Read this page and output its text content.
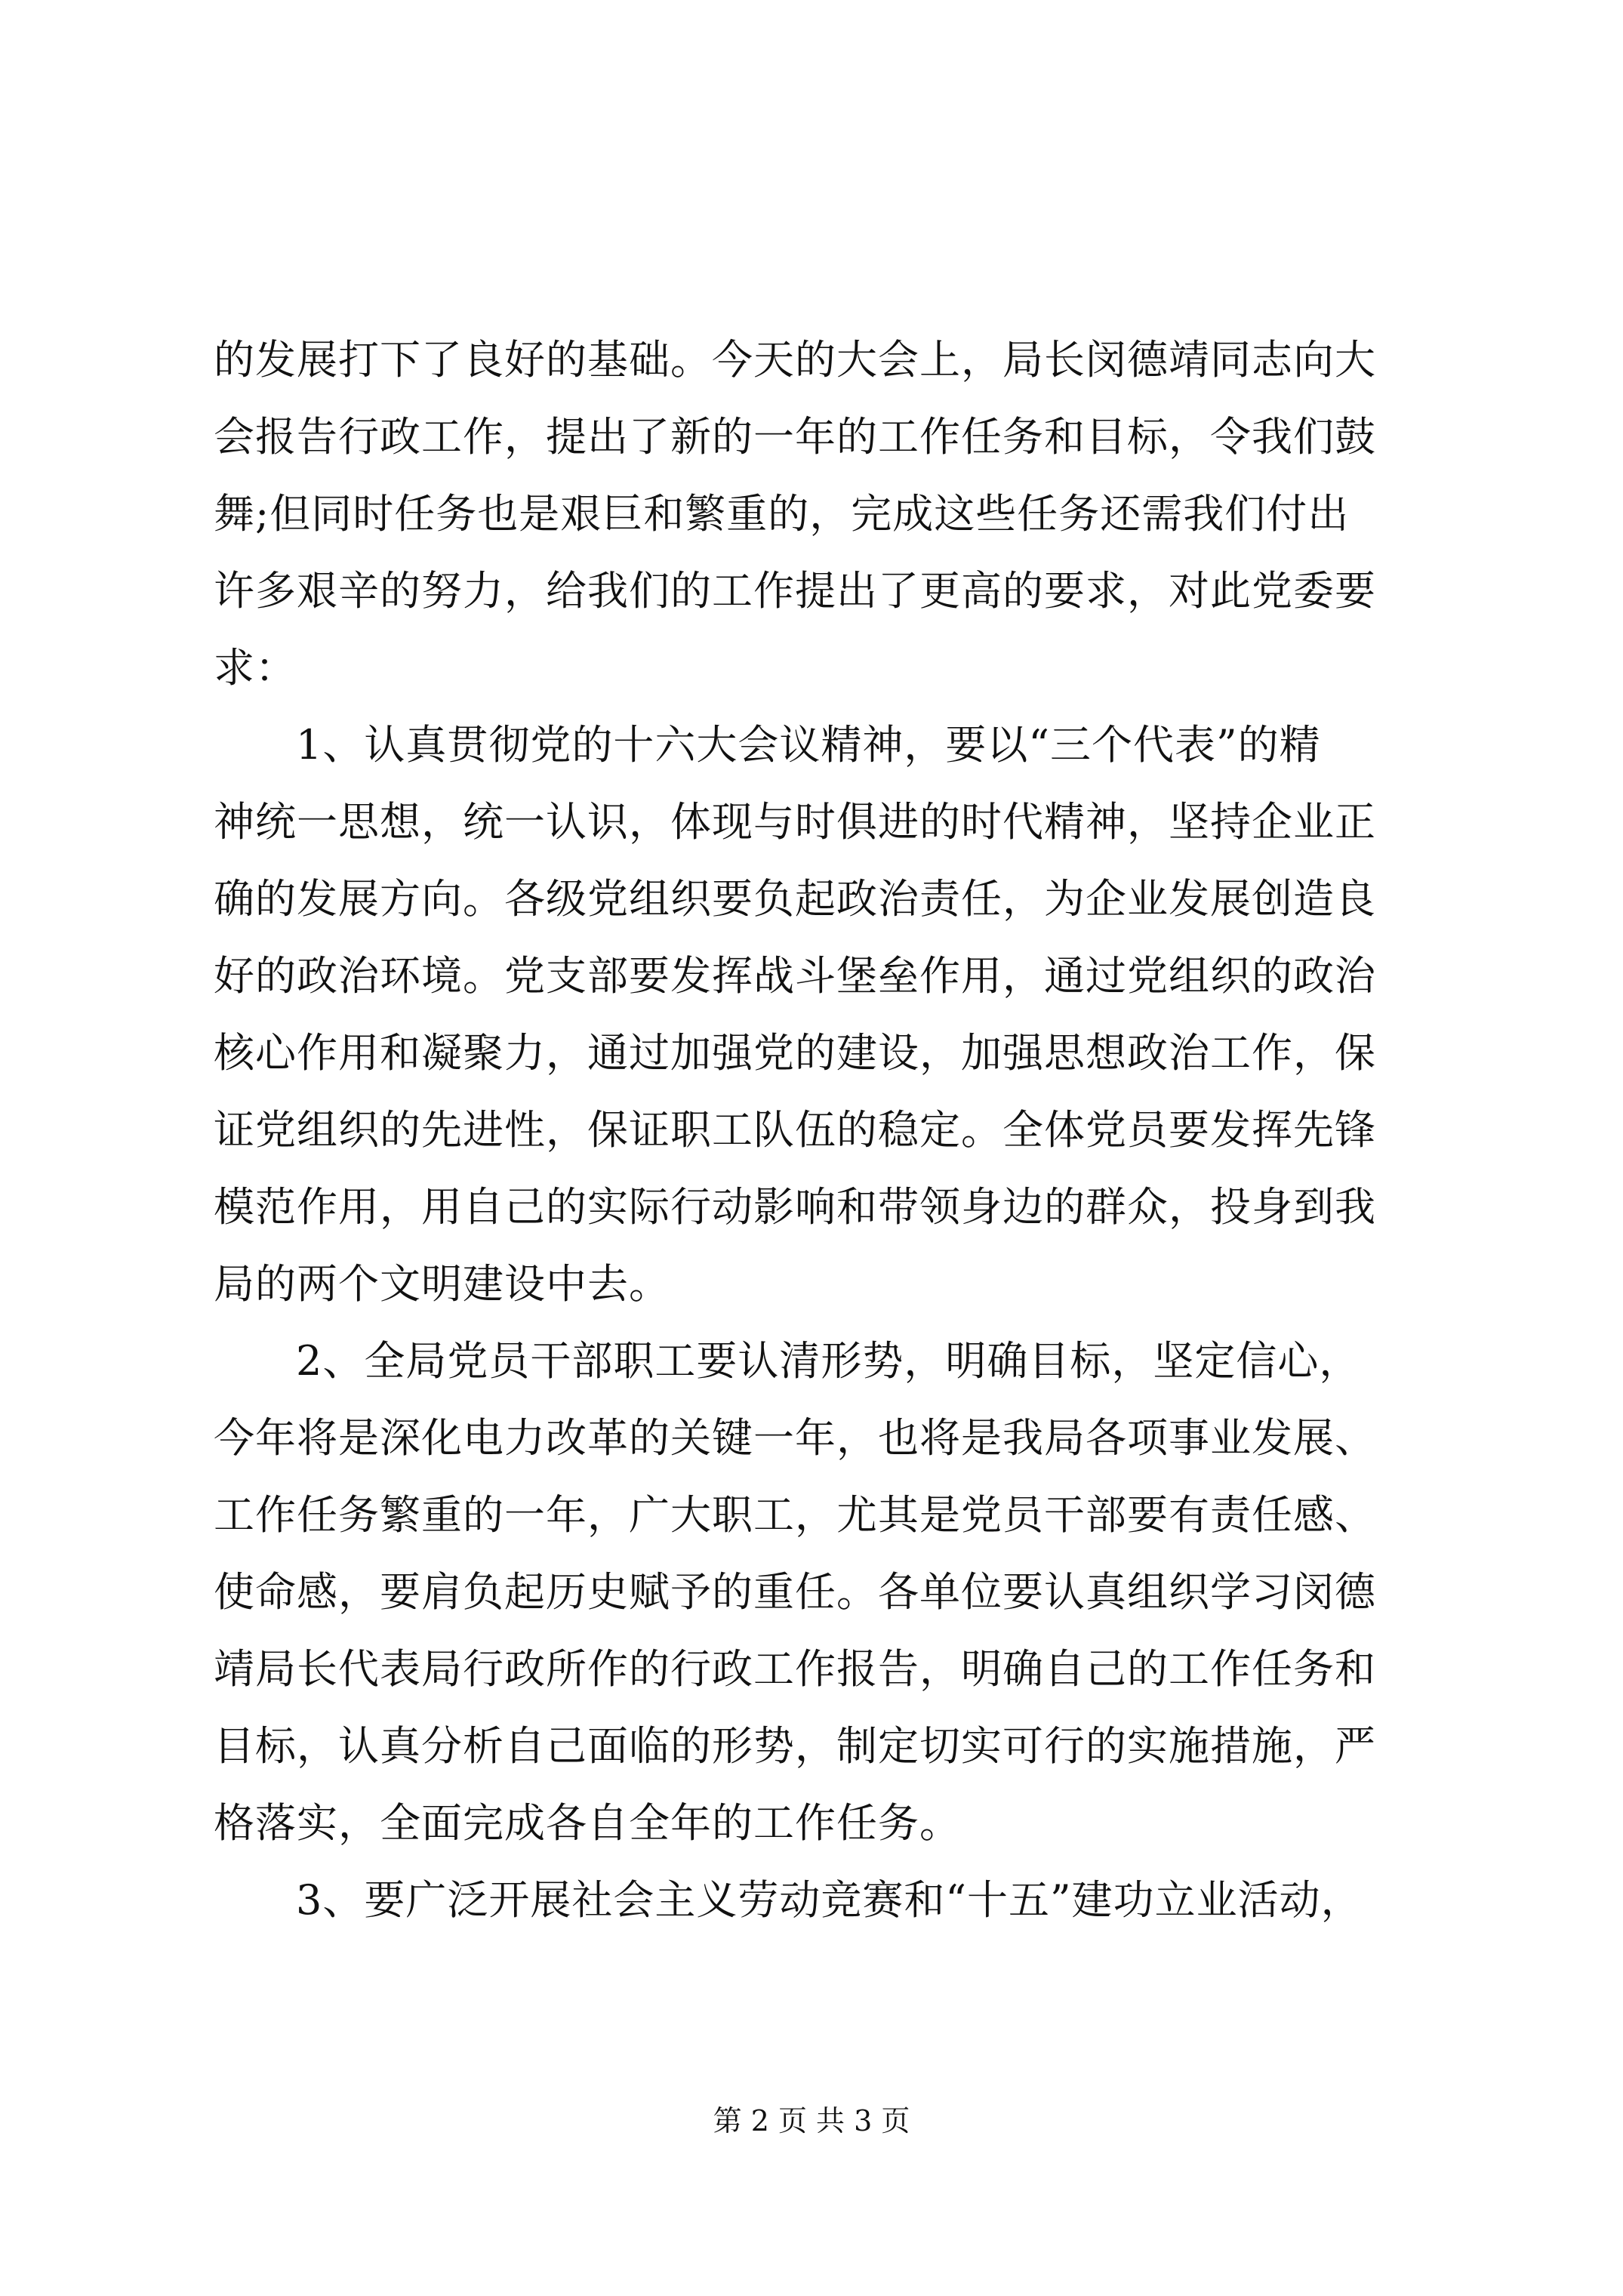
的发展打下了良好的基础。今天的大会上，局长闵德靖同志向大
会报告行政工作，提出了新的一年的工作任务和目标，令我们鼓
舞;但同时任务也是艰巨和繁重的，完成这些任务还需我们付出
许多艰辛的努力，给我们的工作提出了更高的要求，对此党委要
求：
1、认真贯彻党的十六大会议精神，要以“三个代表”的精
神统一思想，统一认识，体现与时俱进的时代精神，坚持企业正
确的发展方向。各级党组织要负起政治责任，为企业发展创造良
好的政治环境。党支部要发挥战斗堡垒作用，通过党组织的政治
核心作用和凝聚力，通过加强党的建设，加强思想政治工作，保
证党组织的先进性，保证职工队伍的稳定。全体党员要发挥先锋
模范作用，用自己的实际行动影响和带领身边的群众，投身到我
局的两个文明建设中去。
2、全局党员干部职工要认清形势，明确目标，坚定信心，
今年将是深化电力改革的关键一年，也将是我局各项事业发展、
工作任务繁重的一年，广大职工，尤其是党员干部要有责任感、
使命感，要肩负起历史赋予的重任。各单位要认真组织学习闵德
靖局长代表局行政所作的行政工作报告，明确自己的工作任务和
目标，认真分析自己面临的形势，制定切实可行的实施措施，严
格落实，全面完成各自全年的工作任务。
3、要广泛开展社会主义劳动竞赛和“十五”建功立业活动，
第 2 页 共 3 页
